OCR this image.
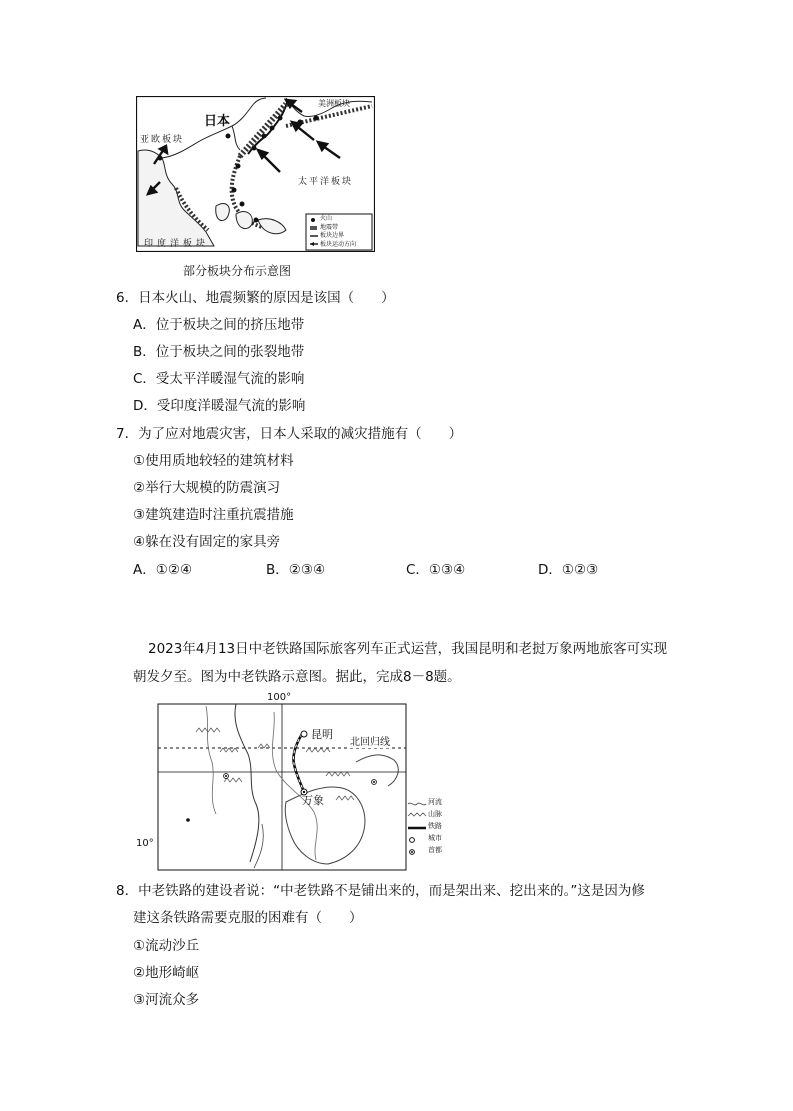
日本
亚欧板块
美洲板块
太平洋板块
印度洋板块
火山
地震带
板块边界
板块运动方向
部分板块分布示意图
6．日本火山、地震频繁的原因是该国（　　）
A．位于板块之间的挤压地带
B．位于板块之间的张裂地带
C．受太平洋暖湿气流的影响
D．受印度洋暖湿气流的影响
7．为了应对地震灾害，日本人采取的减灾措施有（　　）
①使用质地较轻的建筑材料
②举行大规模的防震演习
③建筑建造时注重抗震措施
④躲在没有固定的家具旁
A．①②④	B．②③④	C．①③④	D．①②③
2023年4月13日中老铁路国际旅客列车正式运营，我国昆明和老挝万象两地旅客可实现
朝发夕至。图为中老铁路示意图。据此，完成8－8题。
100°
10°
昆明
北回归线
万象	河流
山脉
铁路
城市
首都
8．中老铁路的建设者说：“中老铁路不是铺出来的，而是架出来、挖出来的。”这是因为修
建这条铁路需要克服的困难有（　　）
①流动沙丘
②地形崎岖
③河流众多
